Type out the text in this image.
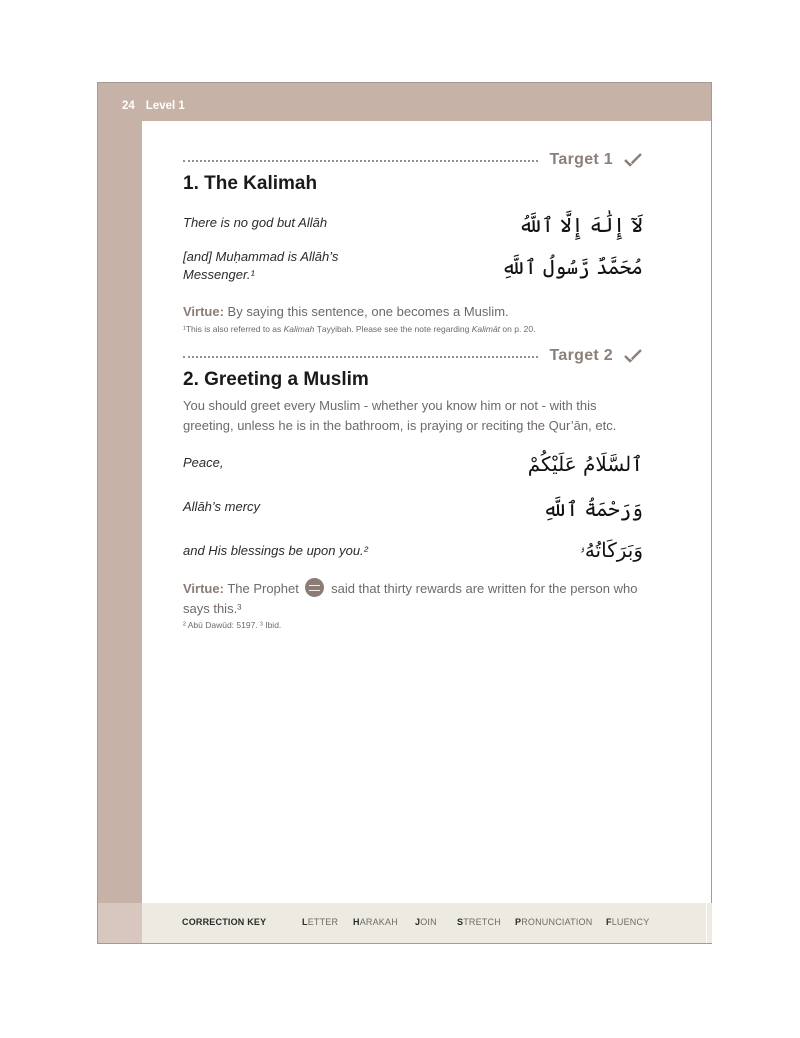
24 Level 1
Target 1
1. The Kalimah
There is no god but Allāh	لَآ إِلَٰهَ إِلَّا ٱللَّهُ
[and] Muḥammad is Allāh’s Messenger.¹	مُحَمَّدٌ رَّسُولُ ٱللَّهِ
Virtue: By saying this sentence, one becomes a Muslim.
¹This is also referred to as Kalimah Ṭayyibah. Please see the note regarding Kalimāt on p. 20.
Target 2
2. Greeting a Muslim
You should greet every Muslim - whether you know him or not - with this greeting, unless he is in the bathroom, is praying or reciting the Qur’ān, etc.
Peace,	ٱلسَّلَامُ عَلَيْكُمْ
Allāh’s mercy	وَرَحْمَةُ ٱللَّهِ
and His blessings be upon you.²	وَبَرَكَاتُهُۥ
Virtue: The Prophet  said that thirty rewards are written for the person who says this.³
² Abū Dawūd: 5197. ³ Ibid.
CORRECTION KEY	LETTER HARAKAH JOIN STRETCH PRONUNCIATION FLUENCY
